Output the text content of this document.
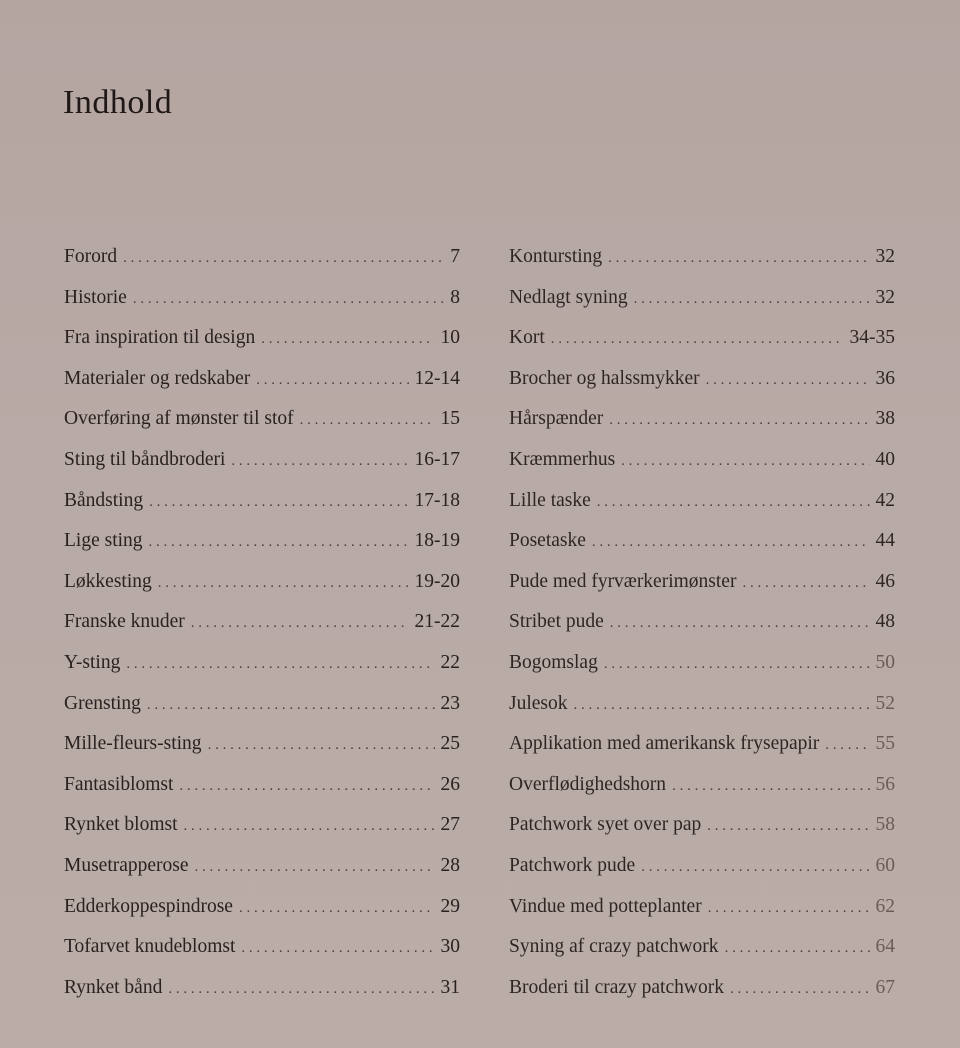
Indhold
Forord . . .	7
Historie . . .	8
Fra inspiration til design . . .	10
Materialer og redskaber . . .	12-14
Overføring af mønster til stof . . .	15
Sting til båndbroderi . . .	16-17
Båndsting . . .	17-18
Lige sting . . .	18-19
Løkkesting . . .	19-20
Franske knuder . . .	21-22
Y-sting . . .	22
Grensting . . .	23
Mille-fleurs-sting . . .	25
Fantasiblomst . . .	26
Rynket blomst . . .	27
Musetrapperose . . .	28
Edderkoppespindrose . . .	29
Tofarvet knudeblomst . . .	30
Rynket bånd . . .	31
Kontursting . . .	32
Nedlagt syning . . .	32
Kort . . .	34-35
Brocher og halssmykker . . .	36
Hårspænder . . .	38
Kræmmerhus . . .	40
Lille taske . . .	42
Posetaske . . .	44
Pude med fyrværkerimønster . . .	46
Stribet pude . . .	48
Bogomslag . . .	50
Julesok . . .	52
Applikation med amerikansk frysepapir . . .	55
Overflødighedshorn . . .	56
Patchwork syet over pap . . .	58
Patchwork pude . . .	60
Vindue med potteplanter . . .	62
Syning af crazy patchwork . . .	64
Broderi til crazy patchwork . . .	67
